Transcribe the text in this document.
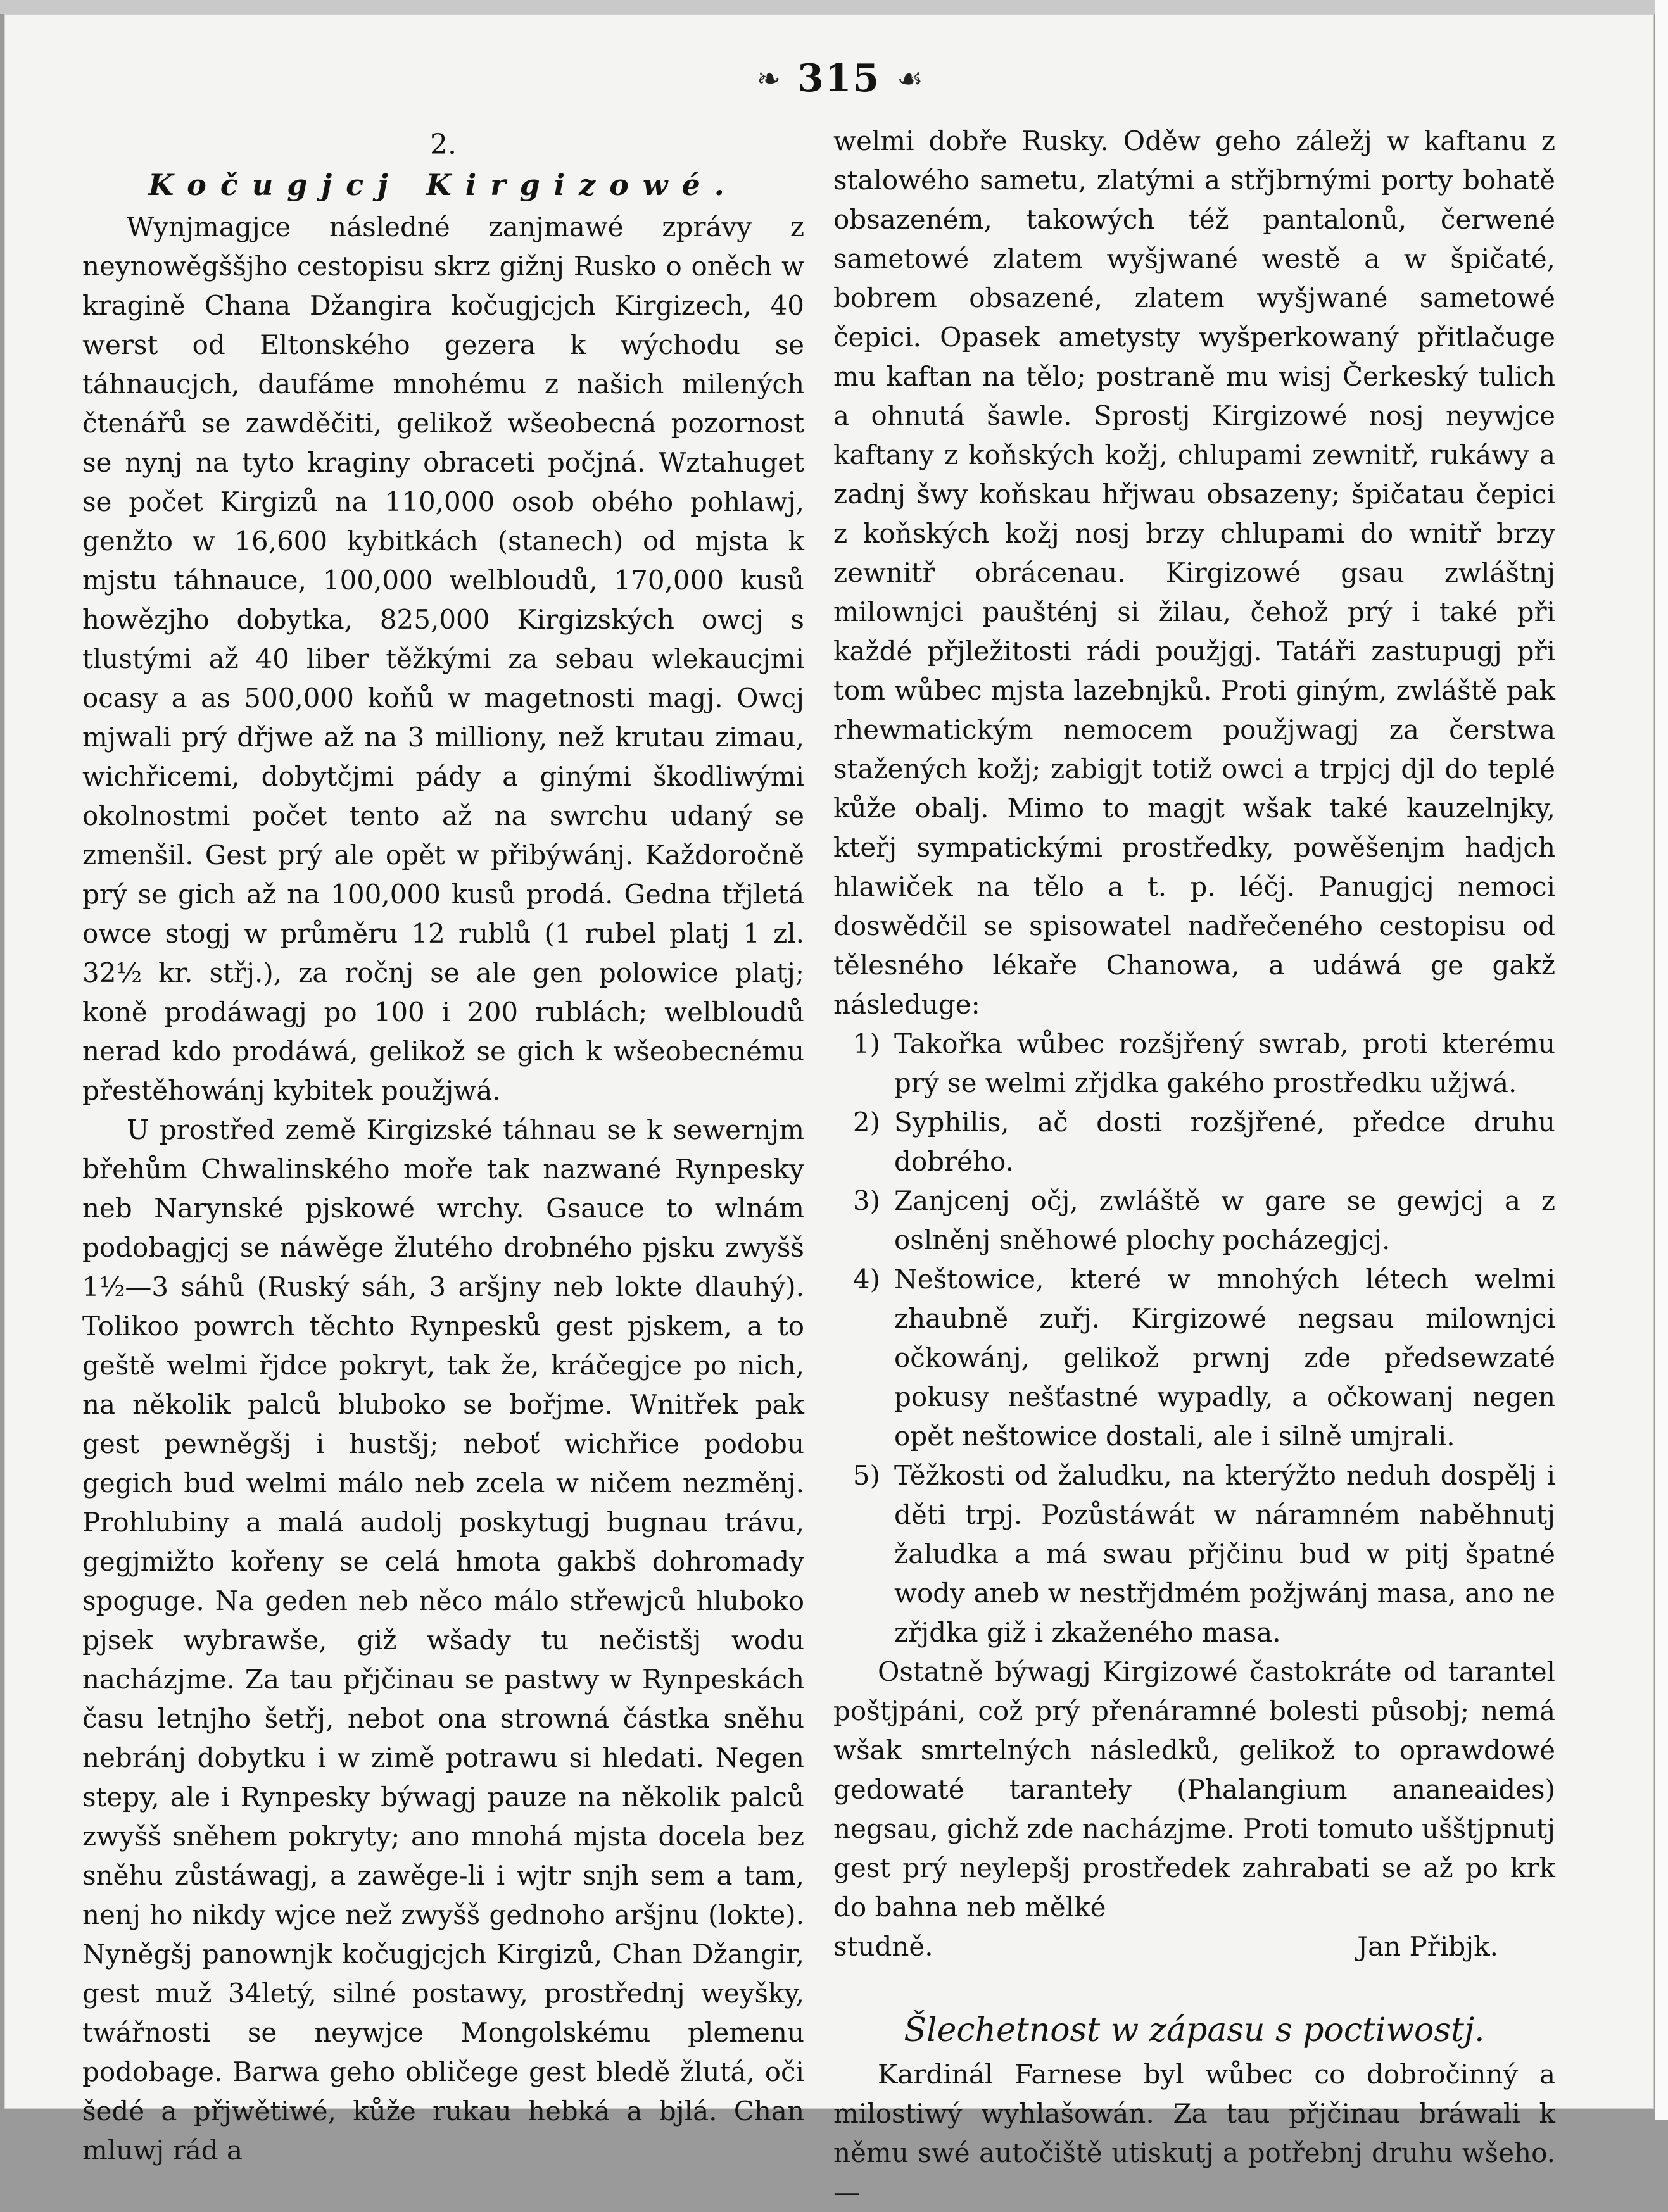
❧ 315 ☙
2.
Kočugjcj Kirgizowé.

Wynjmagjce následné zanjmawé zprávy z neynowěgššjho cestopisu skrz gižnj Rusko o oněch w kragině Chana Džangira kočugjcjch Kirgizech, 40 werst od Eltonského gezera k wýchodu se táhnaucjch, daufáme mnohému z našich milených čtenářů se zawděčiti, gelikož wšeobecná pozornost se nynj na tyto kraginy obraceti počjná. Wztahuget se počet Kirgizů na 110,000 osob obého pohlawj, genžto w 16,600 kybitkách (stanech) od mjsta k mjstu táhnauce, 100,000 welbloudů, 170,000 kusů howězjho dobytka, 825,000 Kirgizských owcj s tlustými až 40 liber těžkými za sebau wlekaucjmi ocasy a as 500,000 koňů w magetnosti magj. Owcj mjwali prý dřjwe až na 3 milliony, než krutau zimau, wichřicemi, dobytčjmi pády a ginými škodliwými okolnostmi počet tento až na swrchu udaný se zmenšil. Gest prý ale opět w přibýwánj. Každoročně prý se gich až na 100,000 kusů prodá. Gedna třjletá owce stogj w průměru 12 rublů (1 rubel platj 1 zl. 32½ kr. střj.), za ročnj se ale gen polowice platj; koně prodáwagj po 100 i 200 rublách; welbloudů nerad kdo prodáwá, gelikož se gich k wšeobecnému přestěhowánj kybitek použjwá.

U prostřed země Kirgizské táhnau se k sewernjm břehům Chwalinského moře tak nazwané Rynpesky neb Narynské pjskowé wrchy. Gsauce to wlnám podobagjcj se náwěge žlutého drobného pjsku zwyšš 1½—3 sáhů (Ruský sáh, 3 aršjny neb lokte dlauhý). Tolikoo powrch těchto Rynpesků gest pjskem, a to geště welmi řjdce pokryt, tak že, kráčegjce po nich, na několik palců bluboko se bořjme. Wnitřek pak gest pewněgšj i hustšj; neboť wichřice podobu gegich bud welmi málo neb zcela w ničem nezměnj. Prohlubiny a malá audolj poskytugj bugnau trávu, gegjmižto kořeny se celá hmota gakbš dohromady spoguge. Na geden neb něco málo střewjců hluboko pjsek wybrawše, giž wšady tu nečistšj wodu nacházjme. Za tau přjčinau se pastwy w Rynpeskách času letnjho šetřj, nebot ona strowná částka sněhu nebránj dobytku i w zimě potrawu si hledati. Negen stepy, ale i Rynpesky býwagj pauze na několik palců zwyšš sněhem pokryty; ano mnohá mjsta docela bez sněhu zůstáwagj, a zawěge-li i wjtr snjh sem a tam, nenj ho nikdy wjce než zwyšš gednoho aršjnu (lokte). Nyněgšj panownjk kočugjcjch Kirgizů, Chan Džangir, gest muž 34letý, silné postawy, prostřednj weyšky, twářnosti se neywjce Mongolskému plemenu podobage. Barwa geho obličege gest bledě žlutá, oči šedé a přjwětiwé, kůže rukau hebká a bjlá. Chan mluwj rád a

welmi dobře Rusky. Oděw geho záležj w kaftanu z stalowého sametu, zlatými a střjbrnými porty bohatě obsazeném, takowých též pantalonů, čerwené sametowé zlatem wyšjwané westě a w špičaté, bobrem obsazené, zlatem wyšjwané sametowé čepici. Opasek ametysty wyšperkowaný přitlačuge mu kaftan na tělo; postraně mu wisj Čerkeský tulich a ohnutá šawle. Sprostj Kirgizowé nosj neywjce kaftany z koňských kožj, chlupami zewnitř, rukáwy a zadnj šwy koňskau hřjwau obsazeny; špičatau čepici z koňských kožj nosj brzy chlupami do wnitř brzy zewnitř obrácenau. Kirgizowé gsau zwláštnj milownjci paušténj si žilau, čehož prý i také při každé přjležitosti rádi použjgj. Tatáři zastupugj při tom wůbec mjsta lazebnjků. Proti giným, zwláště pak rhewmatickým nemocem použjwagj za čerstwa stažených kožj; zabigjt totiž owci a trpjcj djl do teplé kůže obalj. Mimo to magjt wšak také kauzelnjky, kteřj sympatickými prostředky, powěšenjm hadjch hlawiček na tělo a t. p. léčj. Panugjcj nemoci doswědčil se spisowatel nadřečeného cestopisu od tělesného lékaře Chanowa, a udáwá ge gakž následuge:

1) Takořka wůbec rozšjřený swrab, proti kterému prý se welmi zřjdka gakého prostředku užjwá.
2) Syphilis, ač dosti rozšjřené, předce druhu dobrého.
3) Zanjcenj očj, zwláště w gare se gewjcj a z oslněnj sněhowé plochy pocházegjcj.
4) Neštowice, které w mnohých létech welmi zhaubně zuřj. Kirgizowé negsau milownjci očkowánj, gelikož prwnj zde předsewzaté pokusy nešťastné wypadly, a očkowanj negen opět neštowice dostali, ale i silně umjrali.
5) Těžkosti od žaludku, na kterýžto neduh dospělj i děti trpj. Pozůstáwát w náramném naběhnutj žaludka a má swau přjčinu bud w pitj špatné wody aneb w nestřjdmém požjwánj masa, ano ne zřjdka giž i zkaženého masa.

Ostatně býwagj Kirgizowé častokráte od tarantel poštjpáni, což prý přenáramné bolesti působj; nemá wšak smrtelných následků, gelikož to oprawdowé gedowaté taranteły (Phalangium ananeaides) negsau, gichž zde nacházjme. Proti tomuto ušštjpnutj gest prý neylepšj prostředek zahrabati se až po krk do bahna neb mělké

studně.	Jan Přibjk.
Šlechetnost w zápasu s poctiwostj.

Kardinál Farnese byl wůbec co dobročinný a milostiwý wyhlašowán. Za tau přjčinau bráwali k němu swé autočiště utiskutj a potřebnj druhu wšeho. —
